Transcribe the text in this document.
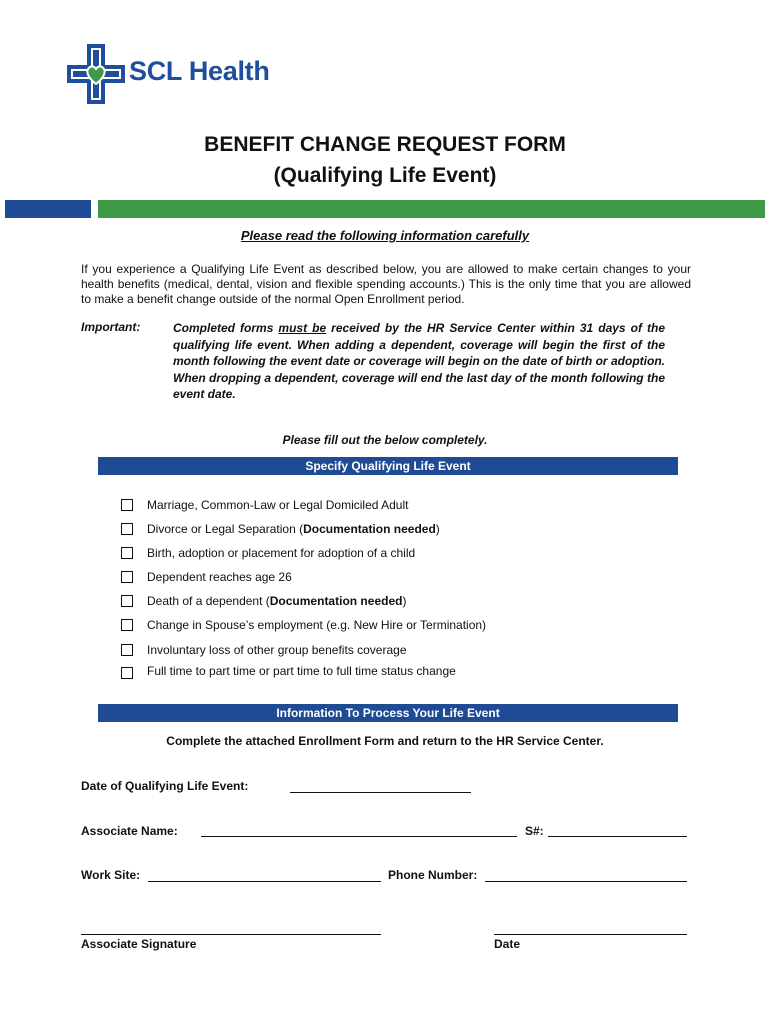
SCL Health
BENEFIT CHANGE REQUEST FORM
(Qualifying Life Event)
Please read the following information carefully
If you experience a Qualifying Life Event as described below, you are allowed to make certain changes to your health benefits (medical, dental, vision and flexible spending accounts.) This is the only time that you are allowed to make a benefit change outside of the normal Open Enrollment period.
Important:	Completed forms must be received by the HR Service Center within 31 days of the qualifying life event. When adding a dependent, coverage will begin the first of the month following the event date or coverage will begin on the date of birth or adoption. When dropping a dependent, coverage will end the last day of the month following the event date.
Please fill out the below completely.
Specify Qualifying Life Event
Marriage, Common-Law or Legal Domiciled Adult
Divorce or Legal Separation (Documentation needed)
Birth, adoption or placement for adoption of a child
Dependent reaches age 26
Death of a dependent (Documentation needed)
Change in Spouse’s employment (e.g. New Hire or Termination)
Involuntary loss of other group benefits coverage
Full time to part time or part time to full time status change
Information To Process Your Life Event
Complete the attached Enrollment Form and return to the HR Service Center.
Date of Qualifying Life Event:
Associate Name:	S#:
Work Site:	Phone Number:
Associate Signature	Date
